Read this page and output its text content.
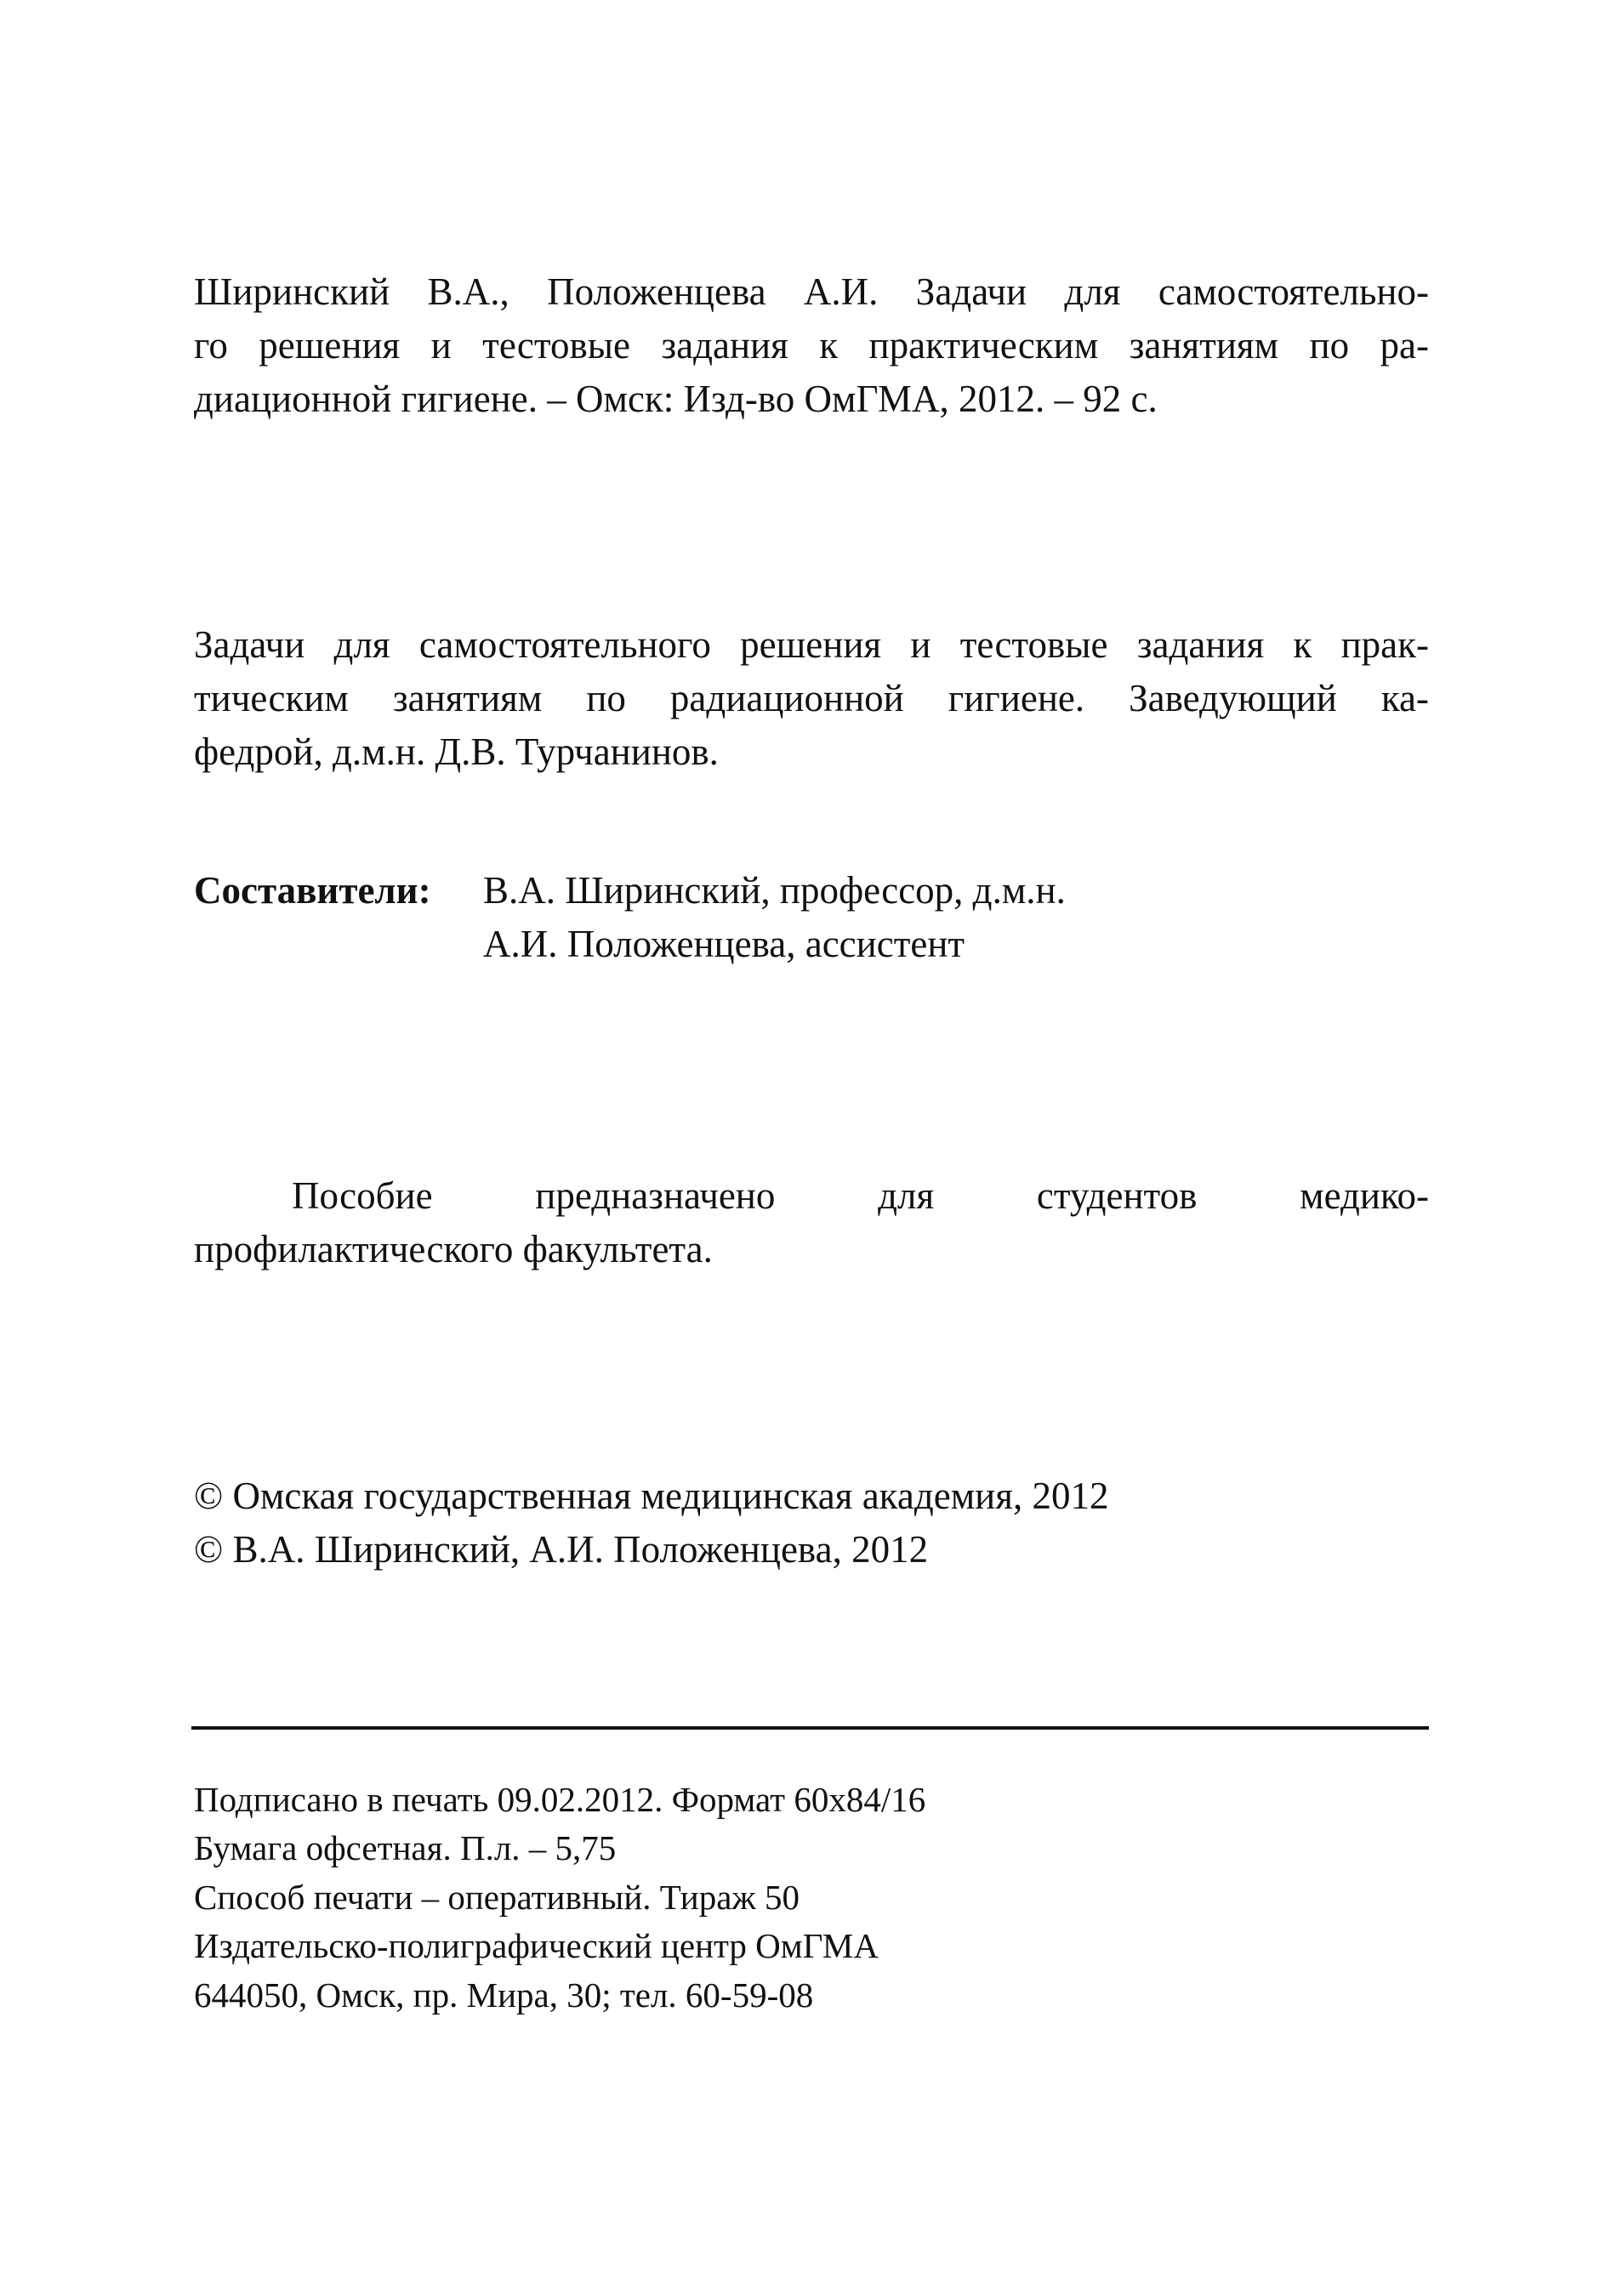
Ширинский В.А., Положенцева А.И. Задачи для самостоятельно-
го решения и тестовые задания к практическим занятиям по ра-
диационной гигиене. – Омск: Изд-во ОмГМА, 2012. – 92 с.
Задачи для самостоятельного решения и тестовые задания к прак-
тическим занятиям по радиационной гигиене. Заведующий ка-
федрой, д.м.н. Д.В. Турчанинов.
Составители:	В.А. Ширинский, профессор, д.м.н.
А.И. Положенцева, ассистент
Пособие предназначено для студентов медико-
профилактического факультета.
© Омская государственная медицинская академия, 2012
© В.А. Ширинский, А.И. Положенцева, 2012
Подписано в печать 09.02.2012. Формат 60x84/16
Бумага офсетная. П.л. – 5,75
Способ печати – оперативный. Тираж 50
Издательско-полиграфический центр ОмГМА
644050, Омск, пр. Мира, 30; тел. 60-59-08
